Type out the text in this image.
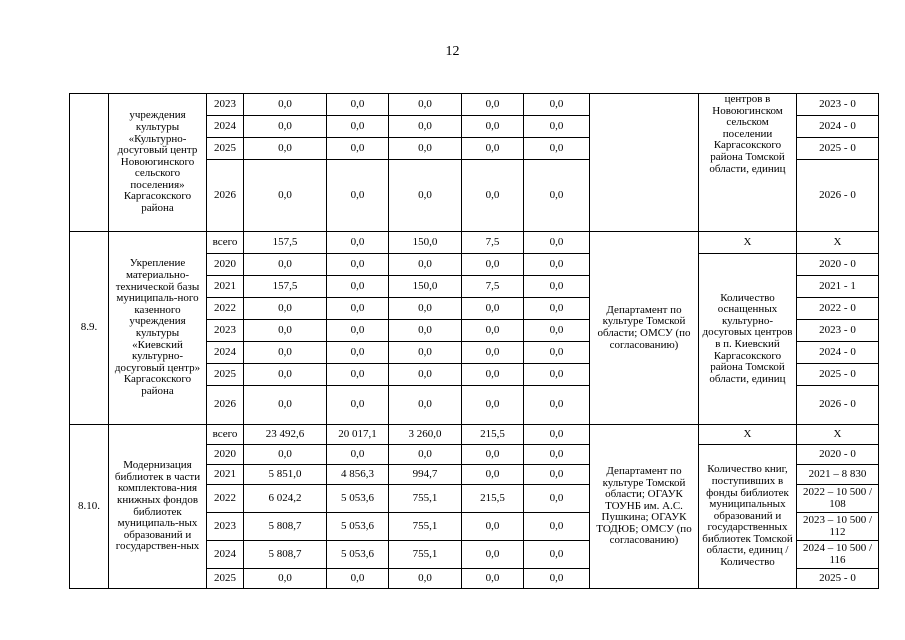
12
	учреждения культуры «Культурно-досуговый центр Новоюгинского сельского поселения» Каргасокского района	2023	0,0	0,0	0,0	0,0	0,0		центров в Новоюгинском сельском поселении Каргасокского района Томской области, единиц	2023 - 0
		2024	0,0	0,0	0,0	0,0	0,0			2024 - 0
		2025	0,0	0,0	0,0	0,0	0,0			2025 - 0
		2026	0,0	0,0	0,0	0,0	0,0			2026 - 0
8.9.	Укрепление материально-технической базы муниципаль-ного казенного учреждения культуры «Киевский культурно-досуговый центр» Каргасокского района	всего	157,5	0,0	150,0	7,5	0,0	Департамент по культуре Томской области; ОМСУ (по согласованию)	X	X
		2020	0,0	0,0	0,0	0,0	0,0		Количество оснащенных культурно-досуговых центров в п. Киевский Каргасокского района Томской области, единиц	2020 - 0
		2021	157,5	0,0	150,0	7,5	0,0			2021 - 1
		2022	0,0	0,0	0,0	0,0	0,0			2022 - 0
		2023	0,0	0,0	0,0	0,0	0,0			2023 - 0
		2024	0,0	0,0	0,0	0,0	0,0			2024 - 0
		2025	0,0	0,0	0,0	0,0	0,0			2025 - 0
		2026	0,0	0,0	0,0	0,0	0,0			2026 - 0
8.10.	Модернизация библиотек в части комплектова-ния книжных фондов библиотек муниципаль-ных образований и государствен-ных	всего	23 492,6	20 017,1	3 260,0	215,5	0,0	Департамент по культуре Томской области; ОГАУК ТОУНБ им. А.С. Пушкина; ОГАУК ТОДЮБ; ОМСУ (по согласованию)	X	X
		2020	0,0	0,0	0,0	0,0	0,0		Количество книг, поступивших в фонды библиотек муниципальных образований и государственных библиотек Томской области, единиц / Количество	2020 - 0
		2021	5 851,0	4 856,3	994,7	0,0	0,0			2021 – 8 830
		2022	6 024,2	5 053,6	755,1	215,5	0,0			2022 – 10 500 / 108
		2023	5 808,7	5 053,6	755,1	0,0	0,0			2023 – 10 500 / 112
		2024	5 808,7	5 053,6	755,1	0,0	0,0			2024 – 10 500 / 116
		2025	0,0	0,0	0,0	0,0	0,0			2025 - 0
